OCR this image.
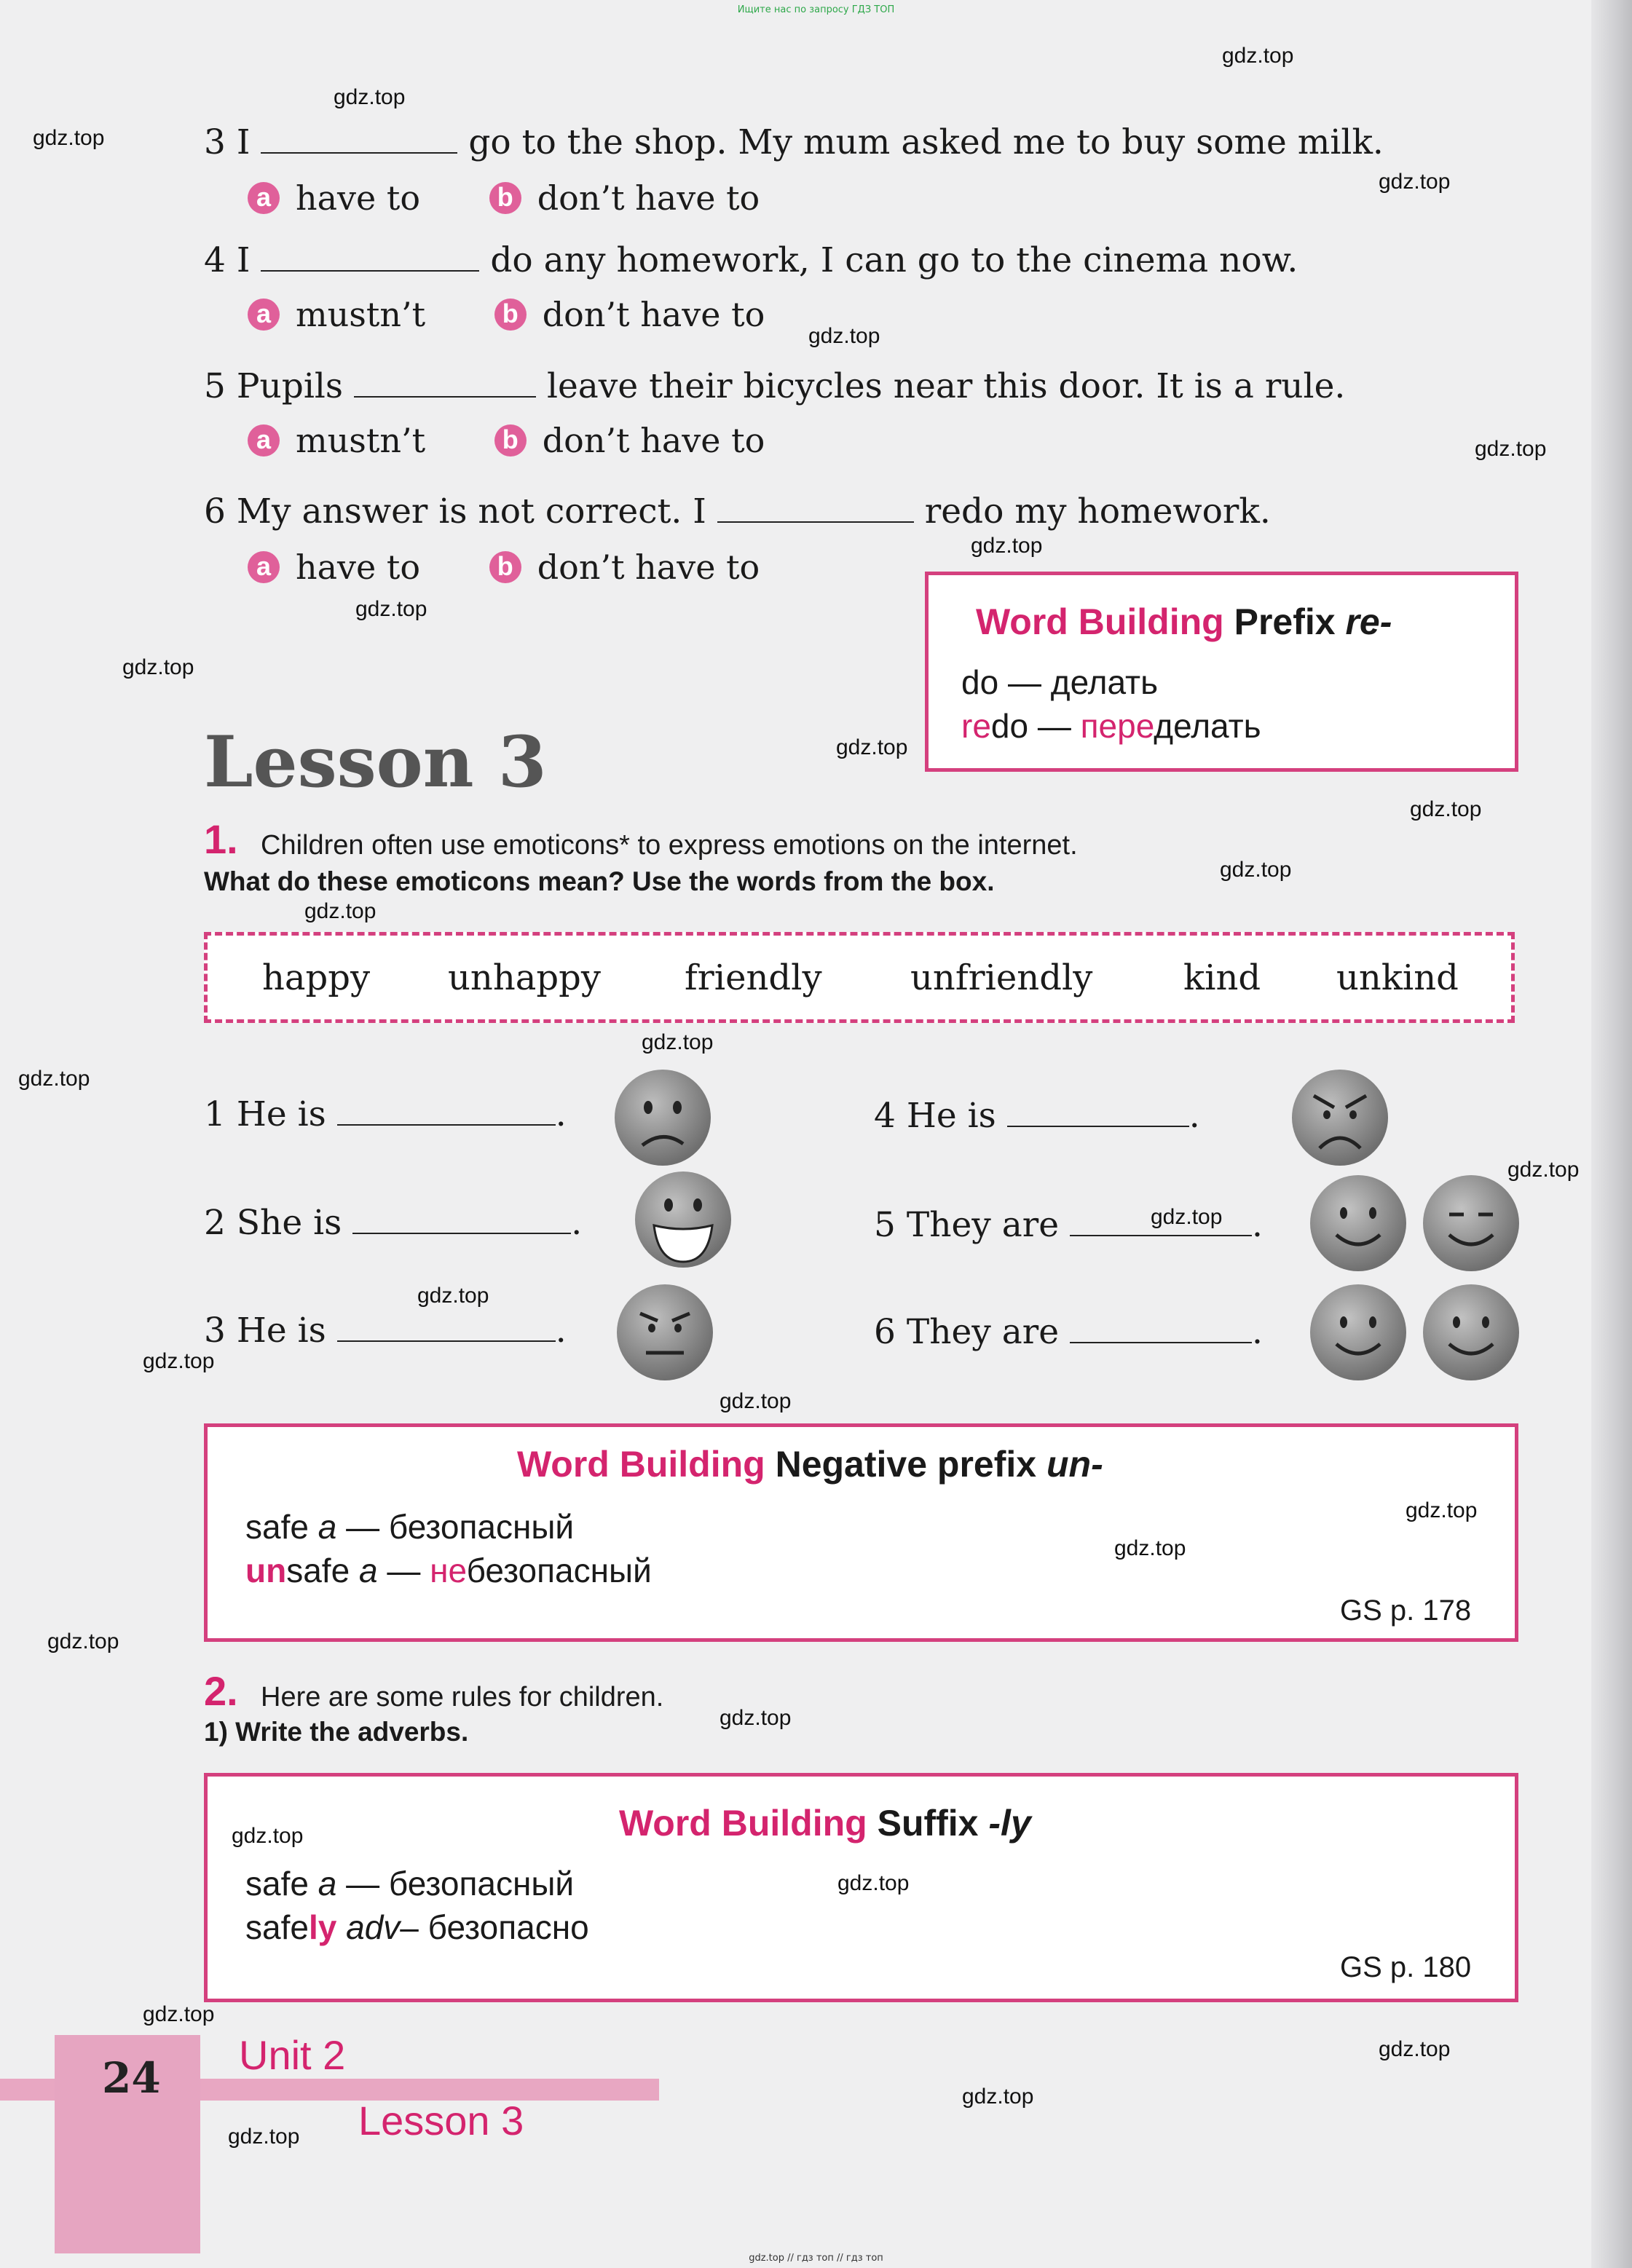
Ищите нас по запросу ГДЗ ТОП
3 I	go to the shop. My mum asked me to buy some milk.
a have to	b don’t have to
4 I	do any homework, I can go to the cinema now.
a mustn’t	b don’t have to
5 Pupils	leave their bicycles near this door. It is a rule.
a mustn’t	b don’t have to
6 My answer is not correct. I	redo my homework.
a have to	b don’t have to
Word Building Prefix re-
do — делать
redo — переделать
Lesson 3
1. Children often use emoticons* to express emotions on the internet.
What do these emoticons mean? Use the words from the box.
happy unhappy friendly	unfriendly	kind unkind
1 He is	.
2 She is	.
3 He is	.
4 He is	.
5 They are	.
6 They are	.
Word Building Negative prefix un-
safe a — безопасный
unsafe a — небезопасный
GS p. 178
2. Here are some rules for children.
1) Write the adverbs.
Word Building Suffix -ly
safe a — безопасный
safely adv– безопасно
GS p. 180
24 Unit 2
Lesson 3
gdz.top
gdz.top
gdz.top
gdz.top
gdz.top
gdz.top
gdz.top
gdz.top
gdz.top
gdz.top
gdz.top
gdz.top
gdz.top
gdz.top
gdz.top
gdz.top
gdz.top
gdz.top
gdz.top
gdz.top
gdz.top
gdz.top
gdz.top
gdz.top
gdz.top
gdz.top
gdz.top
gdz.top
gdz.top
gdz.top
gdz.top // гдз топ // гдз топ
